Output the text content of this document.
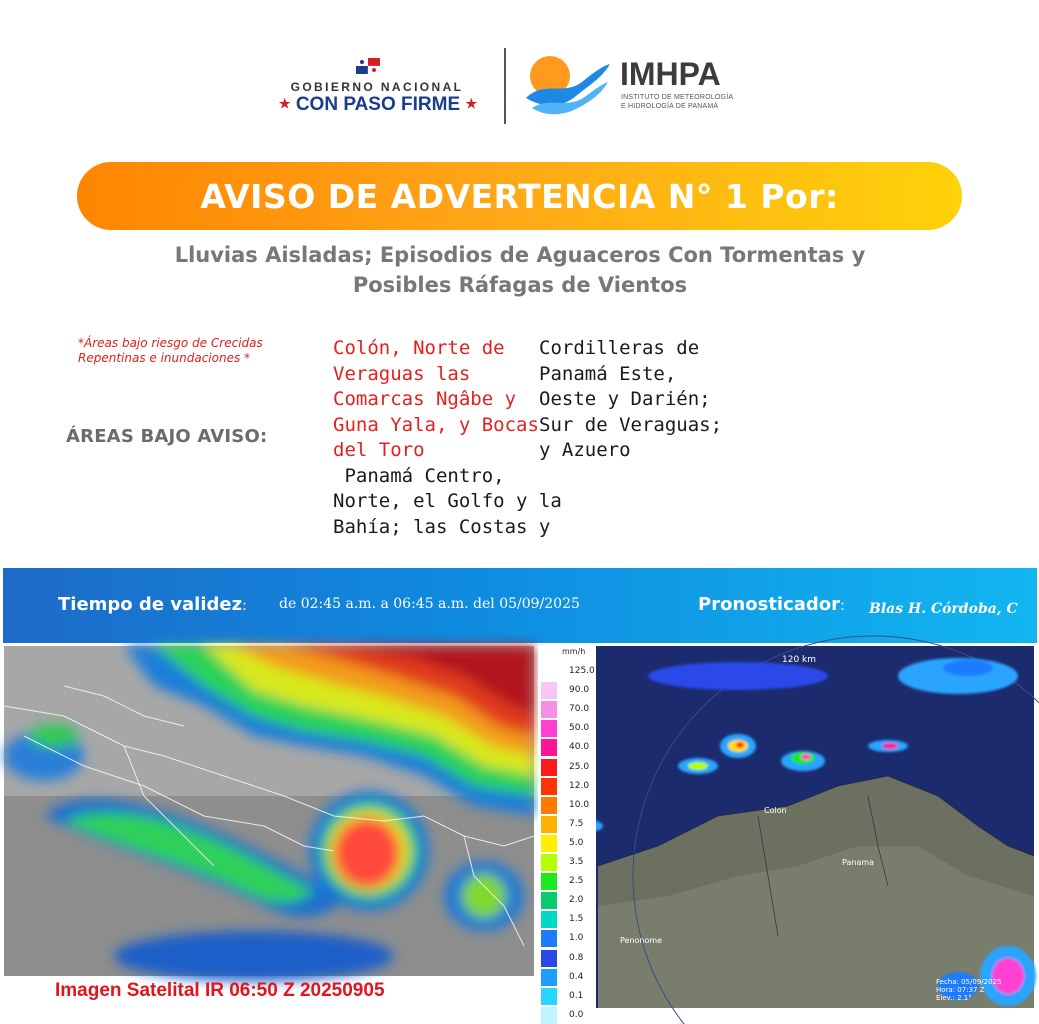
GOBIERNO NACIONAL
★ CON PASO FIRME ★
IMHPA
INSTITUTO DE METEOROLOGÍA
E HIDROLOGÍA DE PANAMÁ
AVISO DE ADVERTENCIA N° 1 Por:
Lluvias Aisladas; Episodios de Aguaceros Con Tormentas y
Posibles Ráfagas de Vientos
*Áreas bajo riesgo de Crecidas
Repentinas e inundaciones *
ÁREAS BAJO AVISO:
Colón, Norte de
Veraguas las
Comarcas Ngâbe y
Guna Yala, y Bocas
del Toro
Panamá Centro,
Norte, el Golfo y la
Bahía; las Costas y
Cordilleras de
Panamá Este,
Oeste y Darién;
Sur de Veraguas;
y Azuero
Tiempo de validez: de 02:45 a.m. a 06:45 a.m. del 05/09/2025	Pronosticador: Blas H. Córdoba, C
Imagen Satelital IR 06:50 Z 20250905
mm/h
125.0
90.0
70.0
50.0
40.0
25.0
12.0
10.0
7.5
5.0
3.5
2.5
2.0
1.5
1.0
0.8
0.4
0.1
0.0
120 km
Colon
Panama
Penonome
Fecha: 05/09/2025
Hora: 07:37 Z
Elev.: 2.1°
